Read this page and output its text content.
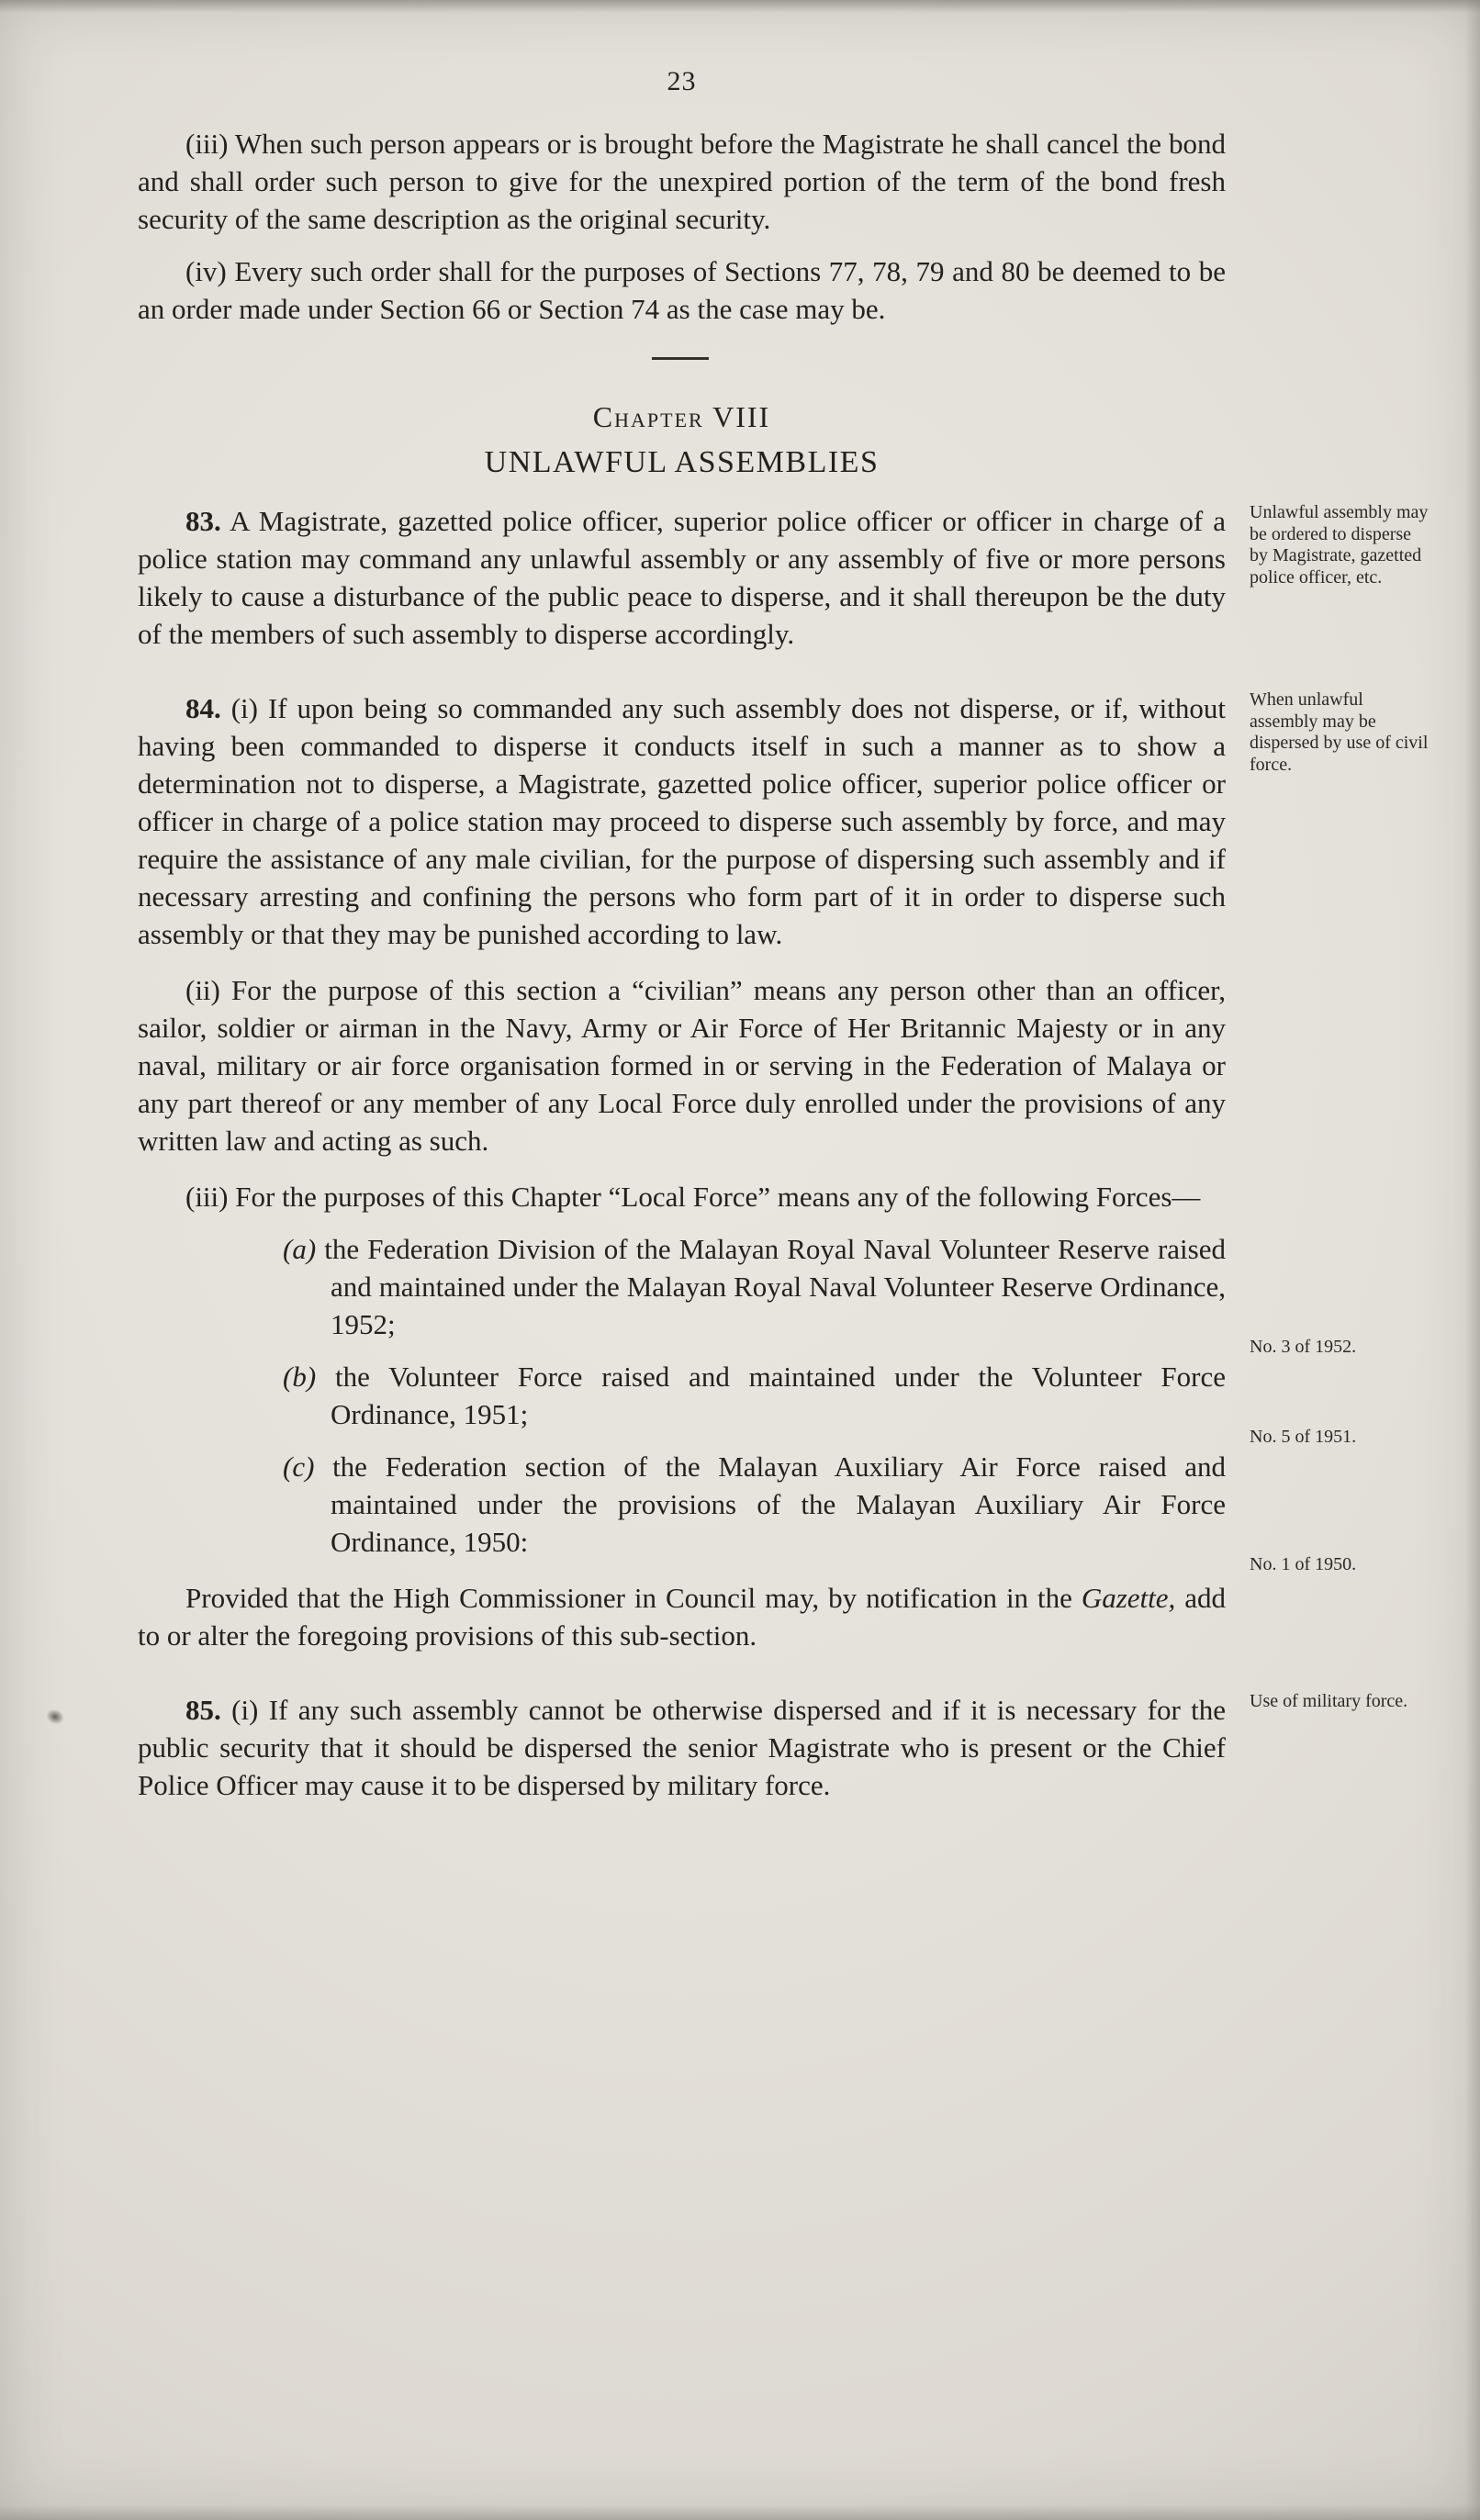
23

(iii) When such person appears or is brought before the Magistrate he shall cancel the bond and shall order such person to give for the unexpired portion of the term of the bond fresh security of the same description as the original security.

(iv) Every such order shall for the purposes of Sections 77, 78, 79 and 80 be deemed to be an order made under Section 66 or Section 74 as the case may be.

Chapter VIII
UNLAWFUL ASSEMBLIES

83. A Magistrate, gazetted police officer, superior police officer or officer in charge of a police station may command any unlawful assembly or any assembly of five or more persons likely to cause a disturbance of the public peace to disperse, and it shall thereupon be the duty of the members of such assembly to disperse accordingly.

Unlawful assembly may be ordered to disperse by Magistrate, gazetted police officer, etc.

84. (i) If upon being so commanded any such assembly does not disperse, or if, without having been commanded to disperse it conducts itself in such a manner as to show a determination not to disperse, a Magistrate, gazetted police officer, superior police officer or officer in charge of a police station may proceed to disperse such assembly by force, and may require the assistance of any male civilian, for the purpose of dispersing such assembly and if necessary arresting and confining the persons who form part of it in order to disperse such assembly or that they may be punished according to law.

When unlawful assembly may be dispersed by use of civil force.

(ii) For the purpose of this section a “civilian” means any person other than an officer, sailor, soldier or airman in the Navy, Army or Air Force of Her Britannic Majesty or in any naval, military or air force organisation formed in or serving in the Federation of Malaya or any part thereof or any member of any Local Force duly enrolled under the provisions of any written law and acting as such.

(iii) For the purposes of this Chapter “Local Force” means any of the following Forces—

(a) the Federation Division of the Malayan Royal Naval Volunteer Reserve raised and maintained under the Malayan Royal Naval Volunteer Reserve Ordinance, 1952;

No. 3 of 1952.

(b) the Volunteer Force raised and maintained under the Volunteer Force Ordinance, 1951;

No. 5 of 1951.

(c) the Federation section of the Malayan Auxiliary Air Force raised and maintained under the provisions of the Malayan Auxiliary Air Force Ordinance, 1950:

No. 1 of 1950.

Provided that the High Commissioner in Council may, by notification in the Gazette, add to or alter the foregoing provisions of this sub-section.

85. (i) If any such assembly cannot be otherwise dispersed and if it is necessary for the public security that it should be dispersed the senior Magistrate who is present or the Chief Police Officer may cause it to be dispersed by military force.

Use of military force.
